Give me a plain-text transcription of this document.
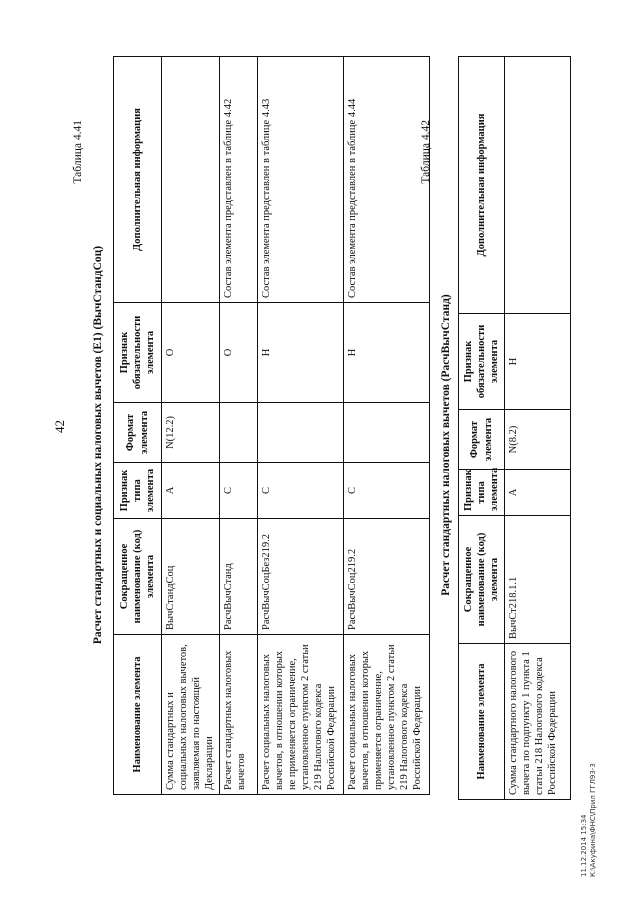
42
Таблица 4.41
Расчет стандартных и социальных налоговых вычетов (Е1) (ВычСтандСоц)
Наименование элемента	Сокращенное наименование (код) элемента	Признак типа элемента	Формат элемента	Признак обязательности элемента	Дополнительная информация
Сумма стандартных и социальных налоговых вычетов, заявляемая по настоящей Декларации	ВычСтандСоц	А	N(12.2)	О	
Расчет стандартных налоговых вычетов	РасчВычСтанд	С		О	Состав элемента представлен в таблице 4.42
Расчет социальных налоговых вычетов, в отношении которых не применяется ограничение, установленное пунктом 2 статьи 219 Налогового кодекса Российской Федерации	РасчВычСоцБез219.2	С		Н	Состав элемента представлен в таблице 4.43
Расчет социальных налоговых вычетов, в отношении которых применяется ограничение, установленное пунктом 2 статьи 219 Налогового кодекса Российской Федерации	РасчВычСоц219.2	С		Н	Состав элемента представлен в таблице 4.44	Таблица 4.42
Расчет стандартных налоговых вычетов (РасчВычСтанд)
Наименование элемента	Сокращенное наименование (код) элемента	Признак типа элемента	Формат элемента	Признак обязательности элемента	Дополнительная информация
Сумма стандартного налогового вычета по подпункту 1 пункта 1 статьи 218 Налогового кодекса Российской Федерации	ВычСт218.1.1	А	N(8.2)	Н	
11.12.2014 15:34 К:\Акуфина\ФНС\Прил ГГЛ93-3
